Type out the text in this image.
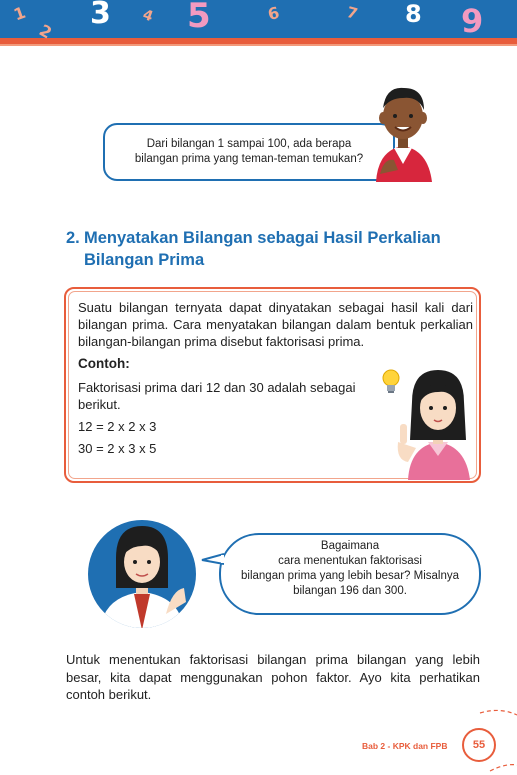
1
2
3 4 5	6	7 8 9
Dari bilangan 1 sampai 100, ada berapa
bilangan prima yang teman-teman temukan?
2. Menyatakan Bilangan sebagai Hasil Perkalian
Bilangan Prima
Suatu bilangan ternyata dapat dinyatakan sebagai hasil kali dari bilangan prima. Cara menyatakan bilangan dalam bentuk perkalian bilangan-bilangan prima disebut faktorisasi prima.
Contoh:
Faktorisasi prima dari 12 dan 30 adalah sebagai berikut.
12 = 2 x 2 x 3
30 = 2 x 3 x 5
Bagaimana
cara menentukan faktorisasi
bilangan prima yang lebih besar? Misalnya
bilangan 196 dan 300.
Untuk menentukan faktorisasi bilangan prima bilangan yang lebih besar, kita dapat menggunakan pohon faktor. Ayo kita perhatikan contoh berikut.
Bab 2 - KPK dan FPB	55
